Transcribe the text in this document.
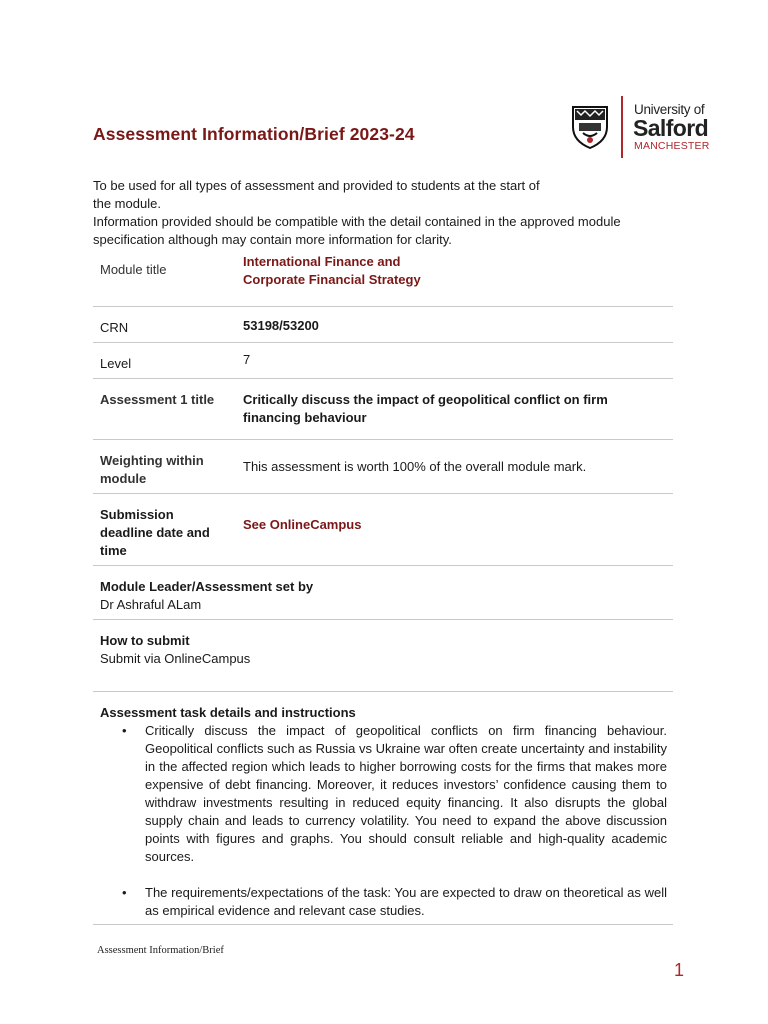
Assessment Information/Brief 2023-24
University of
Salford
MANCHESTER

To be used for all types of assessment and provided to students at the start of the module.
Information provided should be compatible with the detail contained in the approved module specification although may contain more information for clarity.

Module title
International Finance and
Corporate Financial Strategy
CRN	53198/53200
Level	7
Assessment 1 title Critically discuss the impact of geopolitical conflict on firm financing behaviour
Weighting within module
This assessment is worth 100% of the overall module mark.
Submission deadline date and time
See OnlineCampus
Module Leader/Assessment set by
Dr Ashraful ALam
How to submit
Submit via OnlineCampus
Assessment task details and instructions
• Critically discuss the impact of geopolitical conflicts on firm financing behaviour. Geopolitical conflicts such as Russia vs Ukraine war often create uncertainty and instability in the affected region which leads to higher borrowing costs for the firms that makes more expensive of debt financing. Moreover, it reduces investors’ confidence causing them to withdraw investments resulting in reduced equity financing. It also disrupts the global supply chain and leads to currency volatility. You need to expand the above discussion points with figures and graphs. You should consult reliable and high-quality academic sources.
• The requirements/expectations of the task: You are expected to draw on theoretical as well as empirical evidence and relevant case studies.
Assessment Information/Brief
1
